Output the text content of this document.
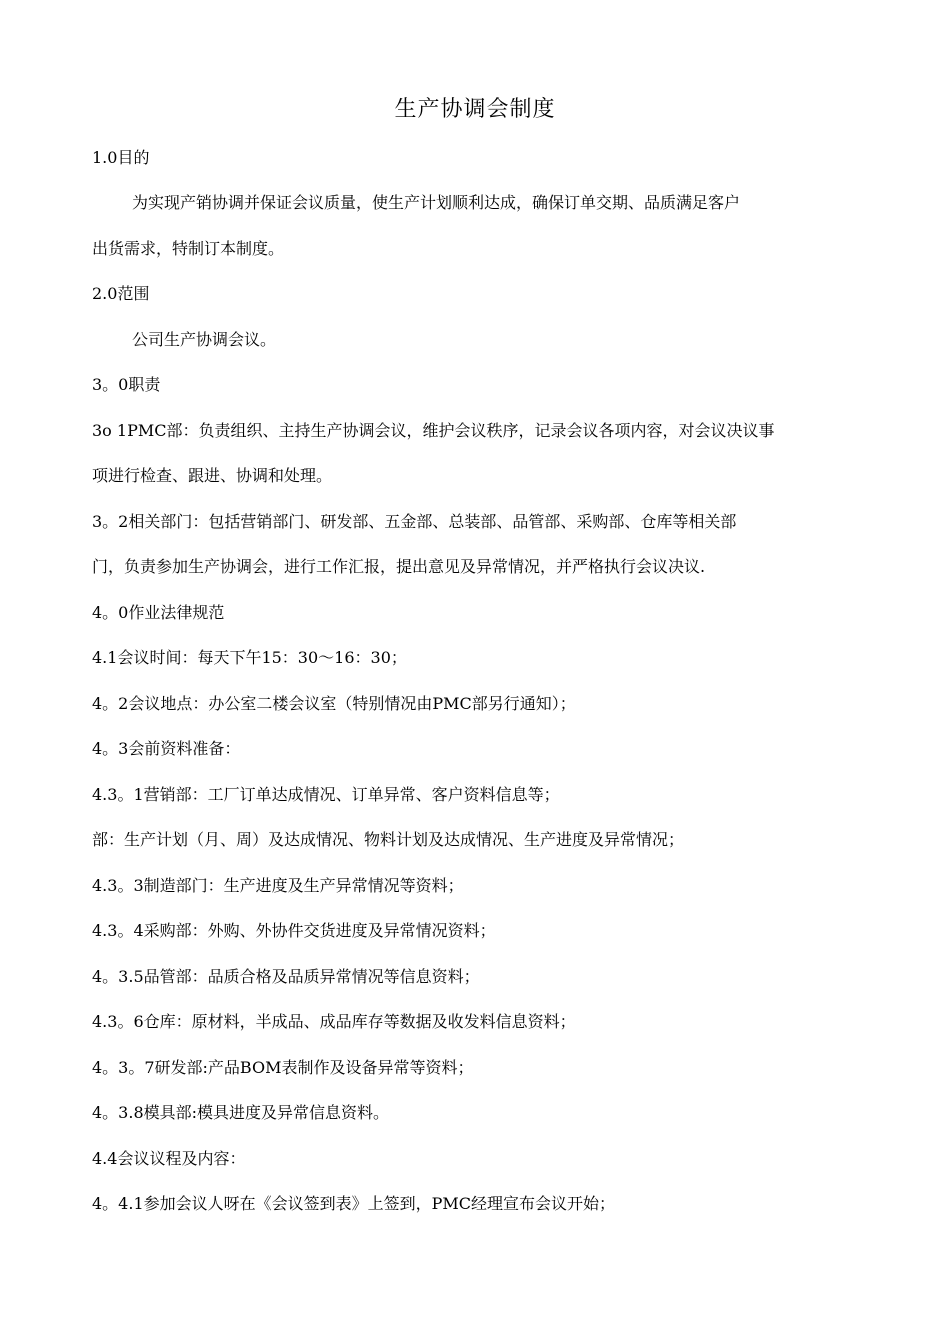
生产协调会制度
1.0目的
为实现产销协调并保证会议质量，使生产计划顺利达成，确保订单交期、品质满足客户
出货需求，特制订本制度。
2.0范围
公司生产协调会议。
3。0职责
3o 1PMC部：负责组织、主持生产协调会议，维护会议秩序，记录会议各项内容，对会议决议事
项进行检查、跟进、协调和处理。
3。2相关部门：包括营销部门、研发部、五金部、总装部、品管部、采购部、仓库等相关部
门，负责参加生产协调会，进行工作汇报，提出意见及异常情况，并严格执行会议决议.
4。0作业法律规范
4.1会议时间：每天下午15：30〜16：30；
4。2会议地点：办公室二楼会议室（特别情况由PMC部另行通知）；
4。3会前资料准备：
4.3。1营销部：工厂订单达成情况、订单异常、客户资料信息等；
部：生产计划（月、周）及达成情况、物料计划及达成情况、生产进度及异常情况；
4.3。3制造部门：生产进度及生产异常情况等资料；
4.3。4采购部：外购、外协件交货进度及异常情况资料；
4。3.5品管部：品质合格及品质异常情况等信息资料；
4.3。6仓库：原材料，半成品、成品库存等数据及收发料信息资料；
4。3。7研发部:产品BOM表制作及设备异常等资料；
4。3.8模具部:模具进度及异常信息资料。
4.4会议议程及内容：
4。4.1参加会议人呀在《会议签到表》上签到，PMC经理宣布会议开始；
